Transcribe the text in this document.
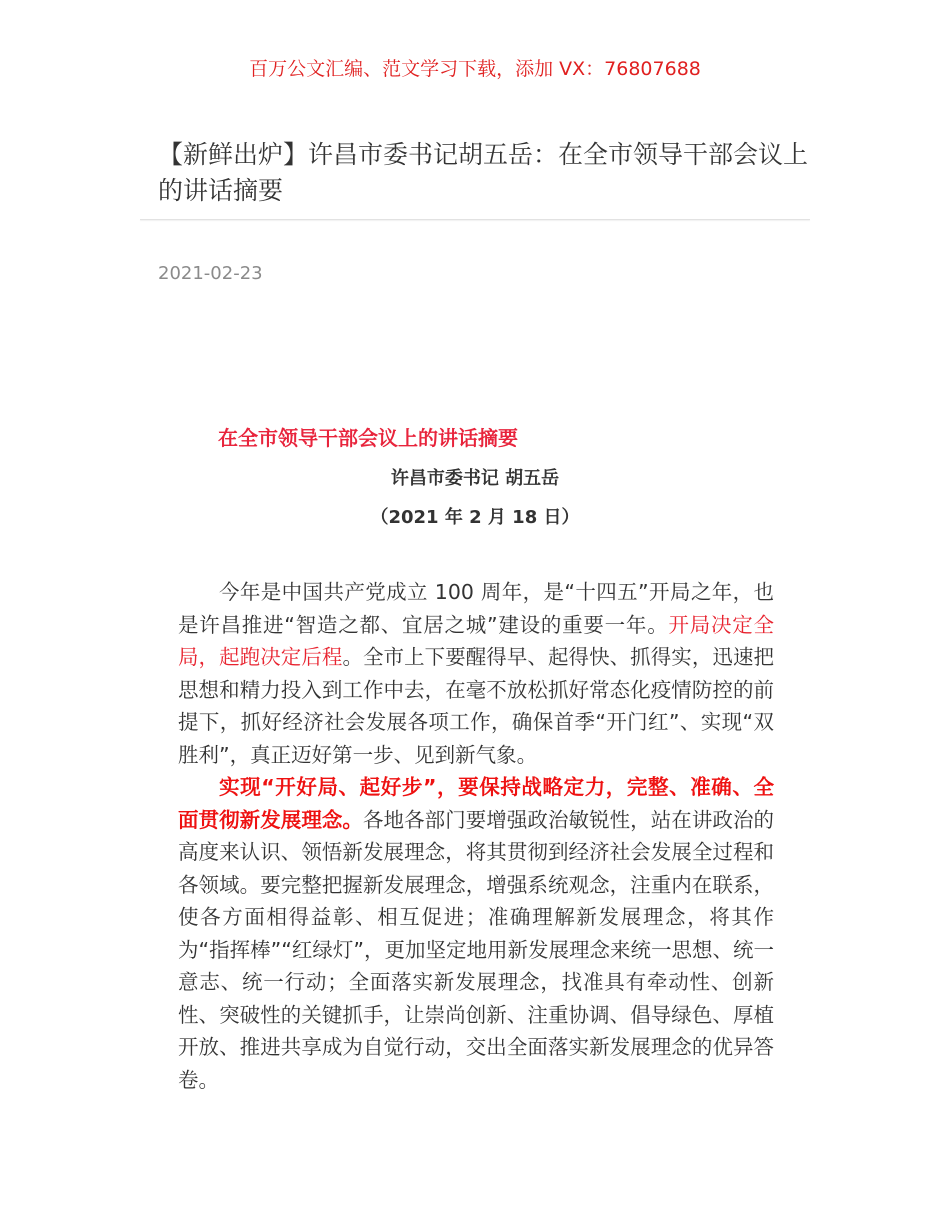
百万公文汇编、范文学习下载，添加 VX：76807688
【新鲜出炉】许昌市委书记胡五岳：在全市领导干部会议上的讲话摘要
2021-02-23
在全市领导干部会议上的讲话摘要
许昌市委书记 胡五岳
（2021 年 2 月 18 日）

今年是中国共产党成立 100 周年，是“十四五”开局之年，也是许昌推进“智造之都、宜居之城”建设的重要一年。开局决定全局，起跑决定后程。全市上下要醒得早、起得快、抓得实，迅速把思想和精力投入到工作中去，在毫不放松抓好常态化疫情防控的前提下，抓好经济社会发展各项工作，确保首季“开门红”、实现“双胜利”，真正迈好第一步、见到新气象。

实现“开好局、起好步”，要保持战略定力，完整、准确、全面贯彻新发展理念。各地各部门要增强政治敏锐性，站在讲政治的高度来认识、领悟新发展理念，将其贯彻到经济社会发展全过程和各领域。要完整把握新发展理念，增强系统观念，注重内在联系，使各方面相得益彰、相互促进；准确理解新发展理念，将其作为“指挥棒”“红绿灯”，更加坚定地用新发展理念来统一思想、统一意志、统一行动；全面落实新发展理念，找准具有牵动性、创新性、突破性的关键抓手，让崇尚创新、注重协调、倡导绿色、厚植开放、推进共享成为自觉行动，交出全面落实新发展理念的优异答卷。
